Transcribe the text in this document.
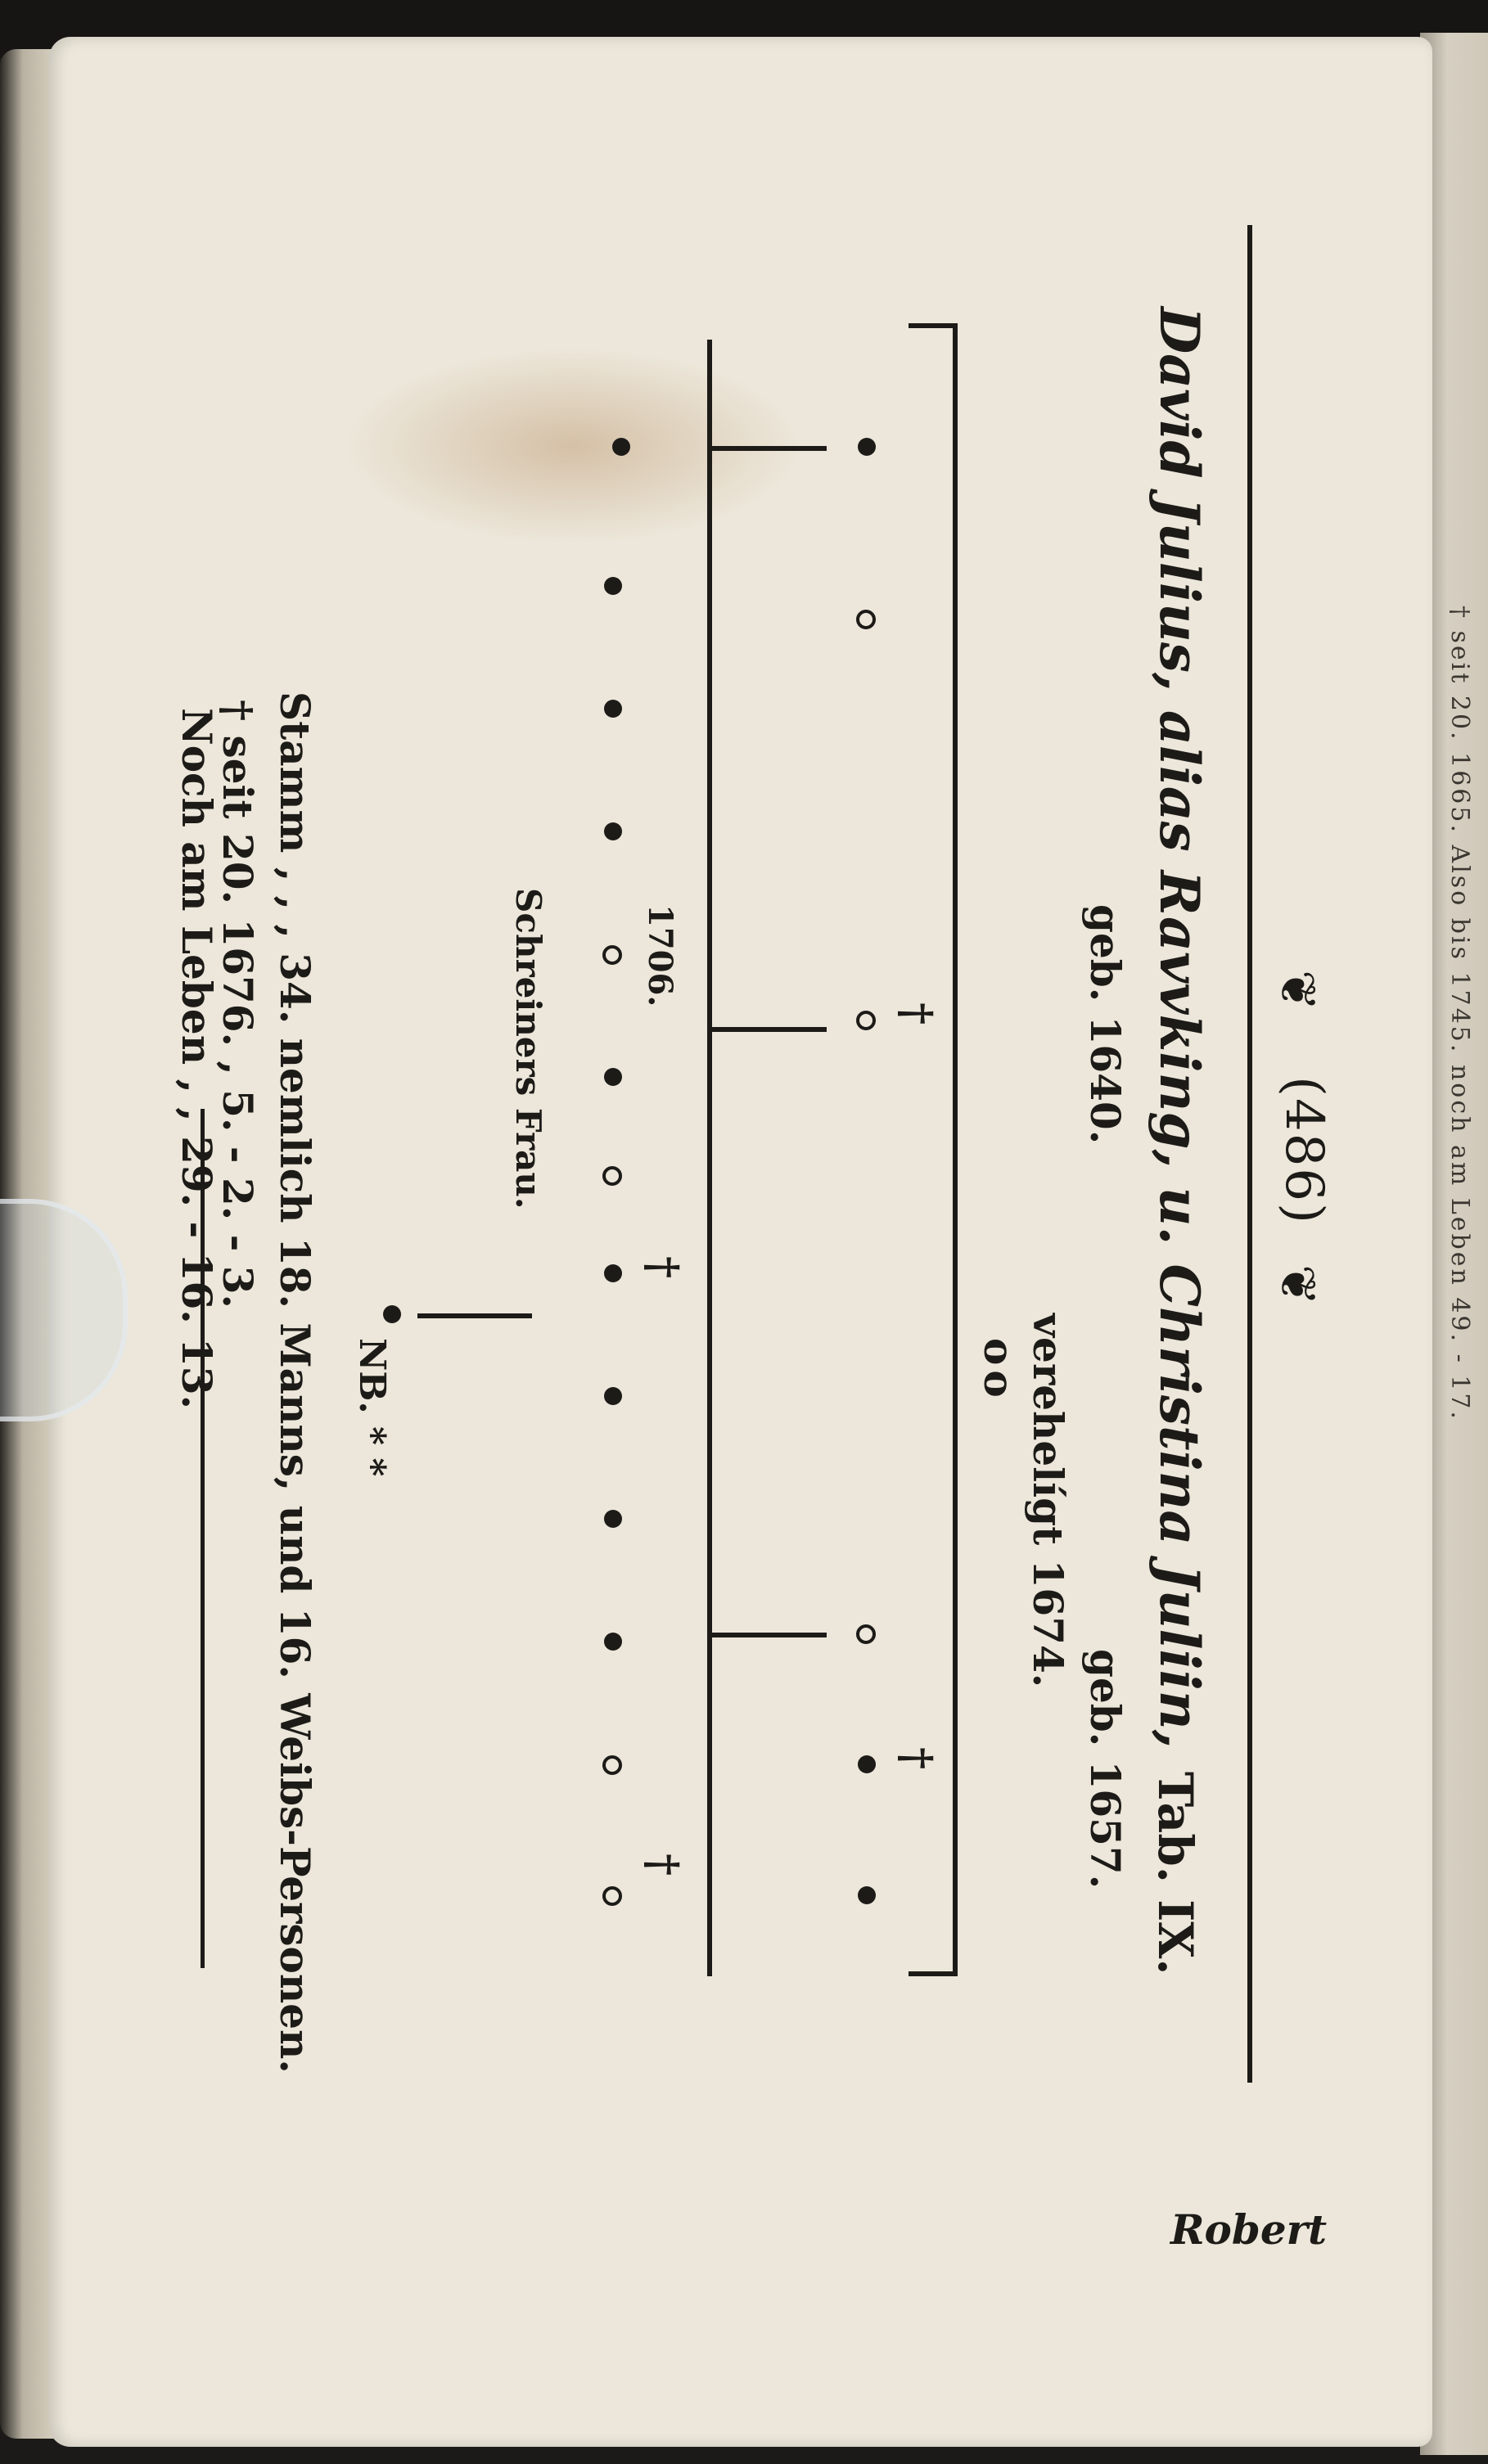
† seit 20. 1665. Also bis 1745. noch am Leben 49. - 17.
❦
(486)
❦
David Julius, alias Ravvking, u. Christina Juliin,
Tab. IX.
geb. 1640.
geb. 1657.
verehelígt 1674.
oo
†
†
†
†
1706.
Schreiners Frau.
NB. * *
Stamm , , , 34. nemlich 18. Manns, und 16. Weibs-Personen.
† seit 20. 1676. , 5. - 2. - 3.
Noch am Leben , , 29. - 16. 13.
Robert
